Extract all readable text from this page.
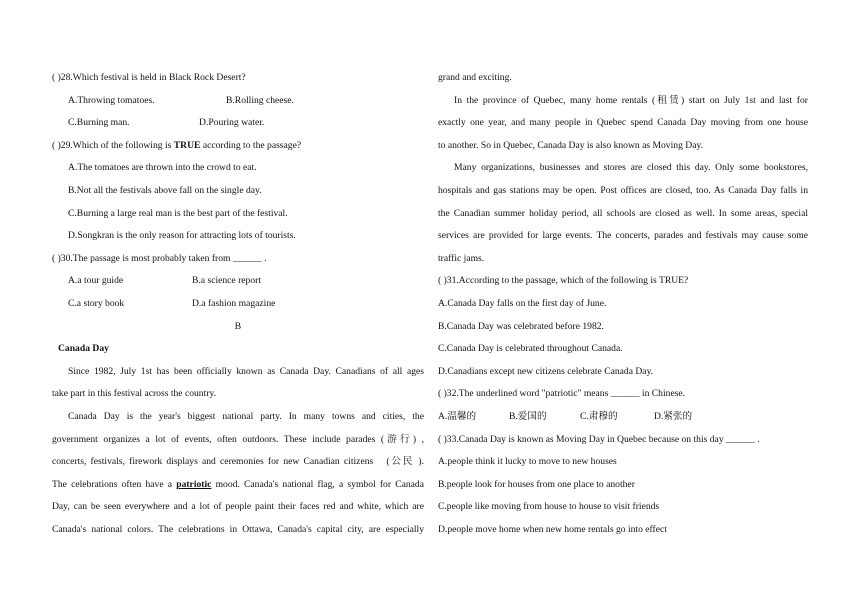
( )28.Which festival is held in Black Rock Desert?
A.Throwing tomatoes.	B.Rolling cheese.
C.Burning man.	D.Pouring water.
( )29.Which of the following is TRUE according to the passage?
A.The tomatoes are thrown into the crowd to eat.
B.Not all the festivals above fall on the single day.
C.Burning a large real man is the best part of the festival.
D.Songkran is the only reason for attracting lots of tourists.
( )30.The passage is most probably taken from ______ .
A.a tour guide	B.a science report
C.a story book	D.a fashion magazine
B
Canada Day
Since 1982, July 1st has been officially known as Canada Day. Canadians of all ages
take part in this festival across the country.
Canada Day is the year's biggest national party. In many towns and cities, the
government organizes a lot of events, often outdoors. These include parades (游行) ,
concerts, festivals, firework displays and ceremonies for new Canadian citizens　(公民 ).
The celebrations often have a patriotic mood. Canada's national flag, a symbol for Canada
Day, can be seen everywhere and a lot of people paint their faces red and white, which are
Canada's national colors. The celebrations in Ottawa, Canada's capital city, are especially
grand and exciting.
In the province of Quebec, many home rentals (租赁) start on July 1st and last for
exactly one year, and many people in Quebec spend Canada Day moving from one house
to another. So in Quebec, Canada Day is also known as Moving Day.
Many organizations, businesses and stores are closed this day. Only some bookstores,
hospitals and gas stations may be open. Post offices are closed, too. As Canada Day falls in
the Canadian summer holiday period, all schools are closed as well. In some areas, special
services are provided for large events. The concerts, parades and festivals may cause some
traffic jams.
( )31.According to the passage, which of the following is TRUE?
A.Canada Day falls on the first day of June.
B.Canada Day was celebrated before 1982.
C.Canada Day is celebrated throughout Canada.
D.Canadians except new citizens celebrate Canada Day.
( )32.The underlined word "patriotic" means ______ in Chinese.
A.温馨的	B.爱国的	C.肃穆的	D.紧张的
( )33.Canada Day is known as Moving Day in Quebec because on this day ______ .
A.people think it lucky to move to new houses
B.people look for houses from one place to another
C.people like moving from house to house to visit friends
D.people move home when new home rentals go into effect
